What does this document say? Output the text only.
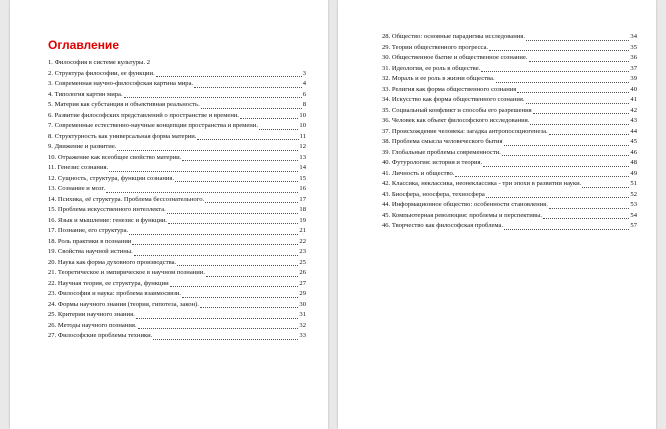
Оглавление
1. Философия в системе культуры. 2
2. Структура философии, ее функции.	3
3. Современная научно-философская картина мира.	4
4. Типология картин мира.	6
5. Материя как субстанция и объективная реальность.	8
6. Развитие философских представлений о пространстве и времени.	10
7. Современные естественно-научные концепции пространства и времени.	10
8. Структурность как универсальная форма материи.	11
9. Движение и развитие.	12
10. Отражение как всеобщее свойство материи.	13
11. Генезис сознания.	14
12. Сущность, структура, функции сознания.	15
13. Сознание и мозг.	16
14. Психика, её структура. Проблема бессознательного.	17
15. Проблема искусственного интеллекта.	18
16. Язык и мышление: генезис и функции.	19
17. Познание, его структура.	21
18. Роль практики в познании	22
19. Свойства научной истины.	23
20. Наука как форма духовного производства.	25
21. Теоретическое и эмпирическое в научном познании.	26
22. Научная теория, ее структура, функции	27
23. Философия и наука: проблема взаимосвязи.	29
24. Формы научного знания (теория, гипотеза, закон).	30
25. Критерии научного знания.	31
26. Методы научного познания.	32
27. Философские проблемы техники.	33
28. Общество: основные парадигмы исследования.	34
29. Теории общественного прогресса.	35
30. Общественное бытие и общественное сознание.	36
31. Идеология, ее роль в обществе.	37
32. Мораль и ее роль в жизни общества.	39
33. Религия как форма общественного сознания	40
34. Искусство как форма общественного сознания.	41
35. Социальный конфликт и способы его разрешения	42
36. Человек как объект философского исследования.	43
37. Происхождение человека: загадка антропосоциогенеза.	44
38. Проблема смысла человеческого бытия	45
39. Глобальные проблемы современности.	46
40. Футурология: история и теория.	48
41. Личность и общество.	49
42. Классика, неклассика, неонеклассика - три эпохи в развитии науки.	51
43. Биосфера, ноосфера, техносфера	52
44. Информационное общество: особенности становления.	53
45. Компьютерная революция: проблемы и перспективы.	54
46. Творчество как философская проблема.	57
